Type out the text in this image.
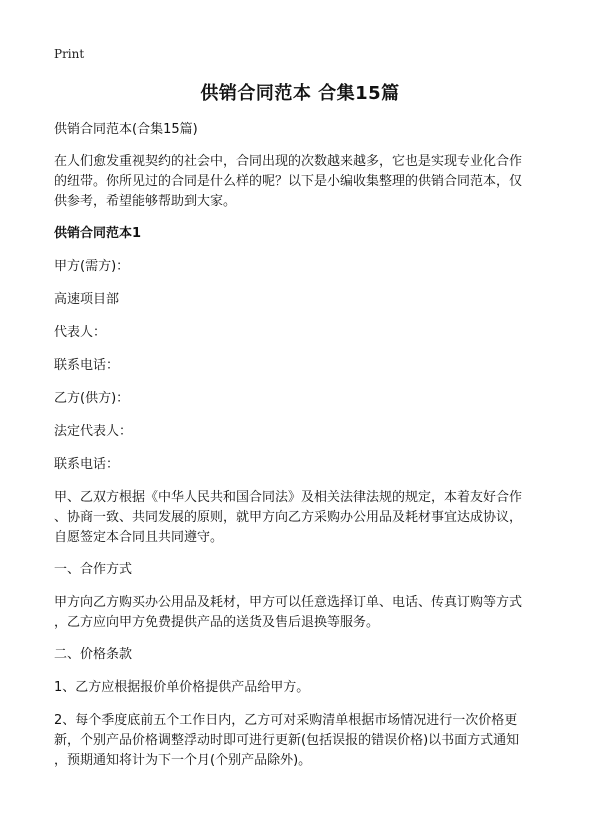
Print
供销合同范本 合集15篇

供销合同范本(合集15篇)

在人们愈发重视契约的社会中，合同出现的次数越来越多，它也是实现专业化合作

的纽带。你所见过的合同是什么样的呢？以下是小编收集整理的供销合同范本，仅

供参考，希望能够帮助到大家。

供销合同范本1

甲方(需方)：

高速项目部

代表人：

联系电话：

乙方(供方)：

法定代表人：

联系电话：

甲、乙双方根据《中华人民共和国合同法》及相关法律法规的规定，本着友好合作

、协商一致、共同发展的原则，就甲方向乙方采购办公用品及耗材事宜达成协议，

自愿签定本合同且共同遵守。

一、合作方式

甲方向乙方购买办公用品及耗材，甲方可以任意选择订单、电话、传真订购等方式

，乙方应向甲方免费提供产品的送货及售后退换等服务。

二、价格条款

1、乙方应根据报价单价格提供产品给甲方。

2、每个季度底前五个工作日内，乙方可对采购清单根据市场情况进行一次价格更

新，个别产品价格调整浮动时即可进行更新(包括误报的错误价格)以书面方式通知

，预期通知将计为下一个月(个别产品除外)。
